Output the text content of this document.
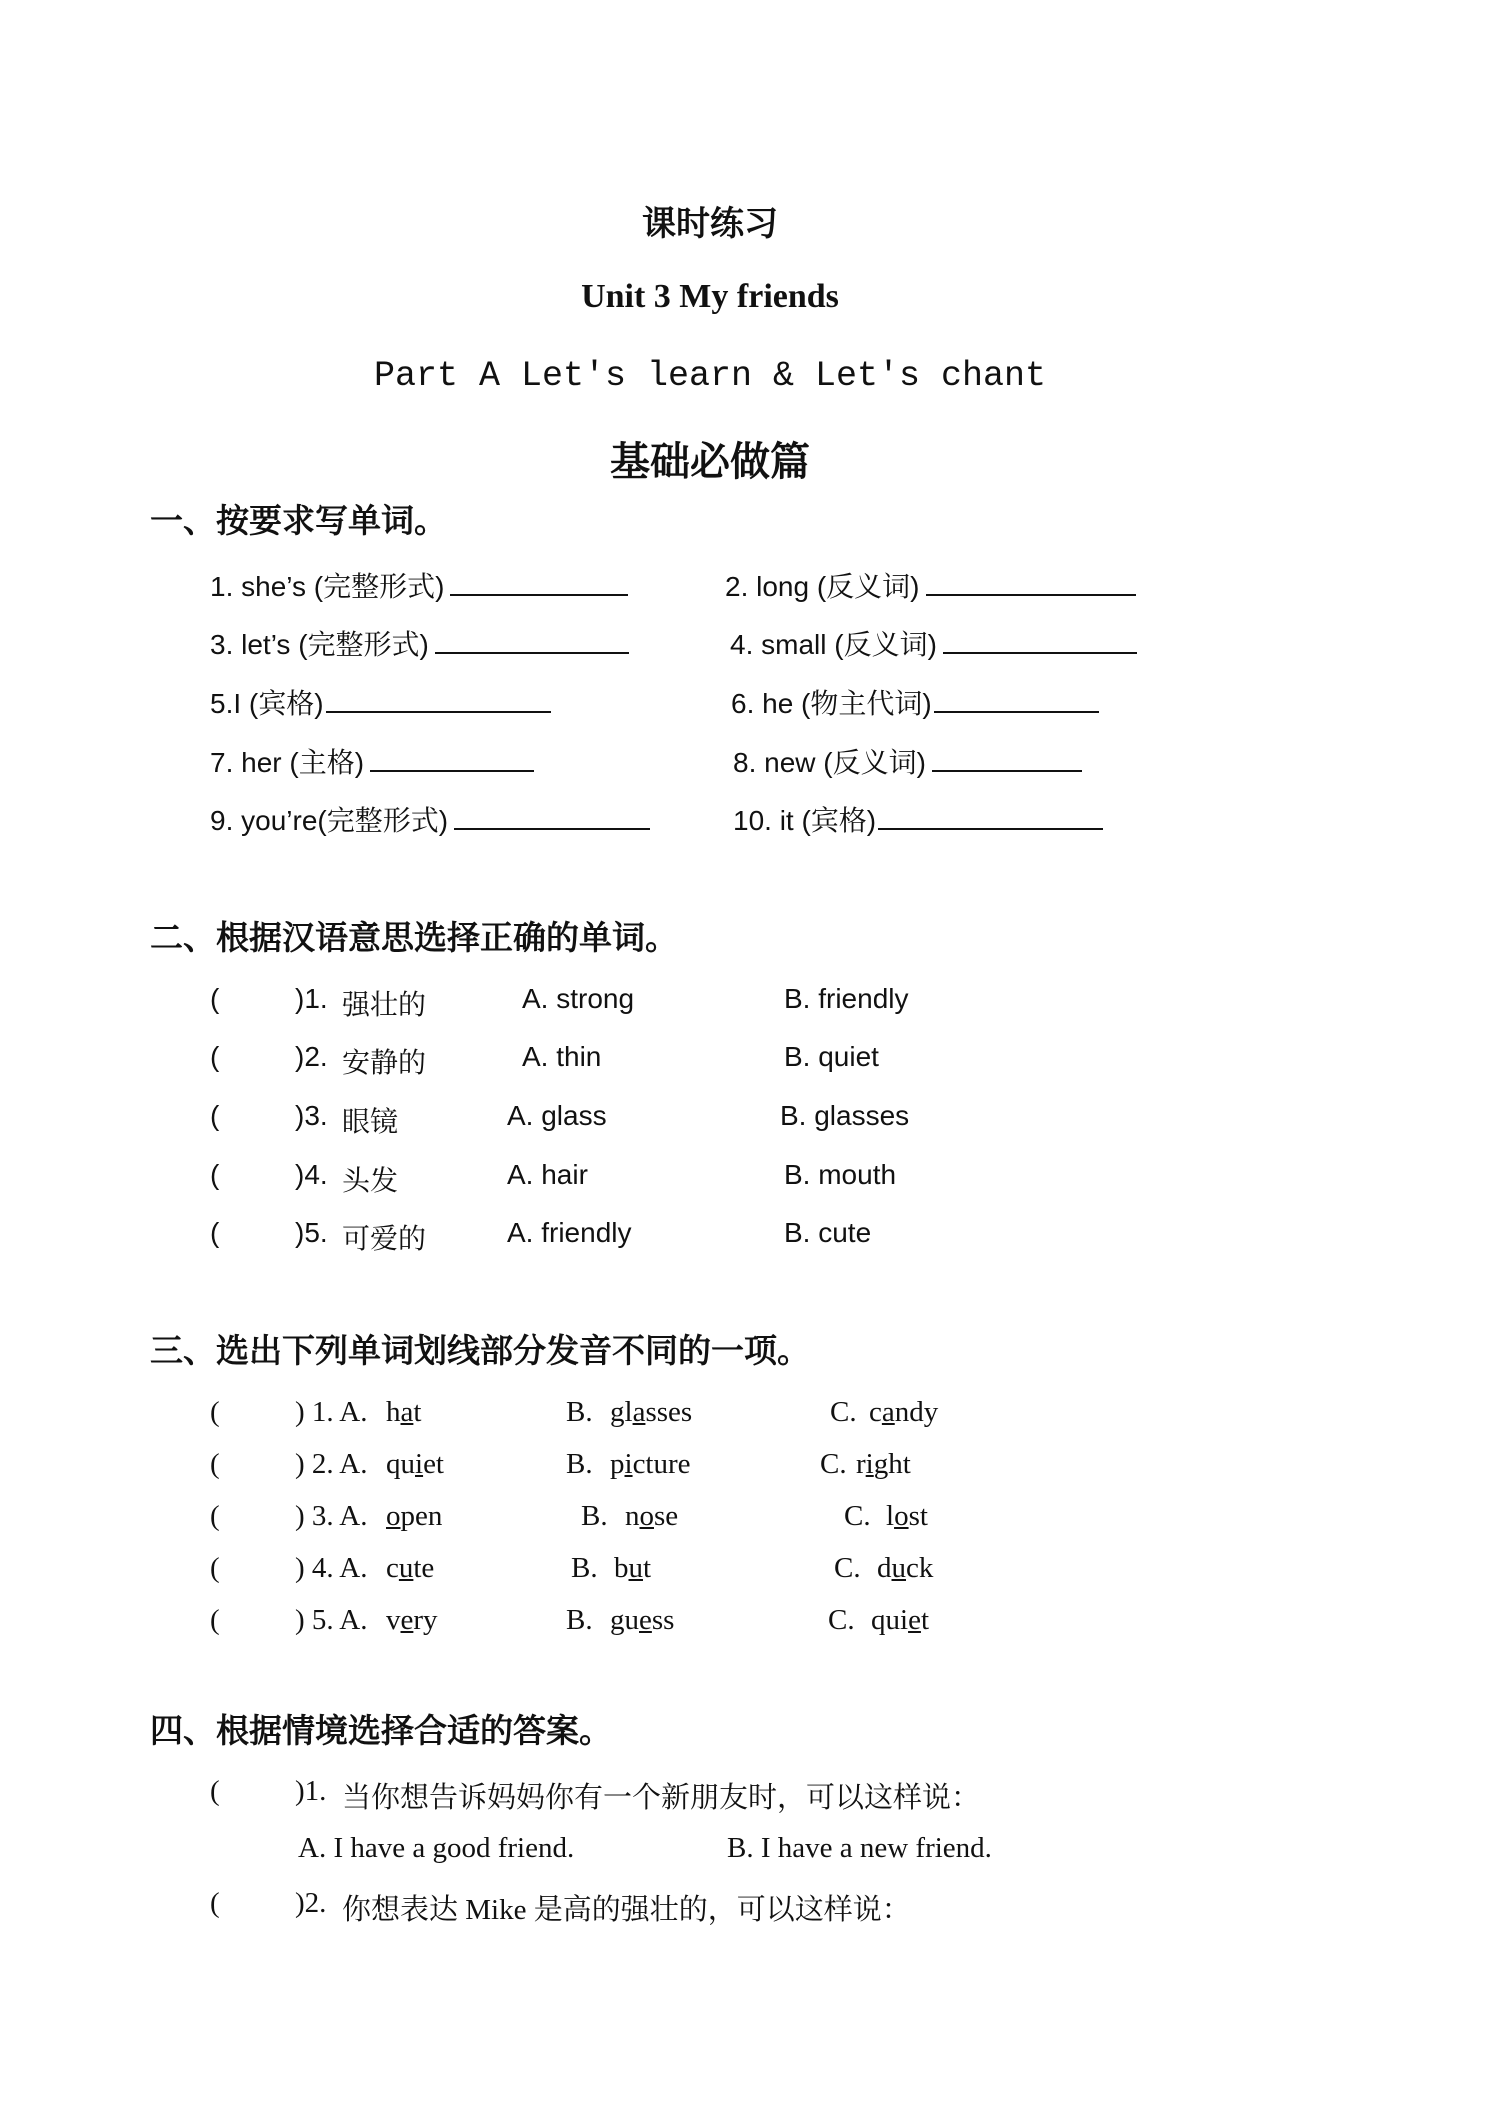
课时练习
Unit 3 My friends
Part A Let's learn & Let's chant
基础必做篇
一、按要求写单词。
1. she’s (完整形式)	2. long (反义词)
3. let’s (完整形式)	4. small (反义词)
5.I (宾格)	6. he (物主代词)
7. her (主格)	8. new (反义词)
9. you’re(完整形式)	10. it (宾格)
二、根据汉语意思选择正确的单词。
(	)1. 强壮的	A. strong	B. friendly
(	)2. 安静的	A. thin	B. quiet
(	)3. 眼镜	A. glass	B. glasses
(	)4. 头发	A. hair	B. mouth
(	)5. 可爱的	A. friendly	B. cute
三、选出下列单词划线部分发音不同的一项。
(	) 1. A. hat	B. glasses	C. candy
(	) 2. A. quiet	B. picture	C. right
(	) 3. A. open	B. nose	C. lost
(	) 4. A. cute	B. but	C. duck
(	) 5. A. very	B. guess	C. quiet
四、根据情境选择合适的答案。
(	)1. 当你想告诉妈妈你有一个新朋友时，可以这样说：
A. I have a good friend.	B. I have a new friend.
(	)2. 你想表达 Mike 是高的强壮的，可以这样说：
